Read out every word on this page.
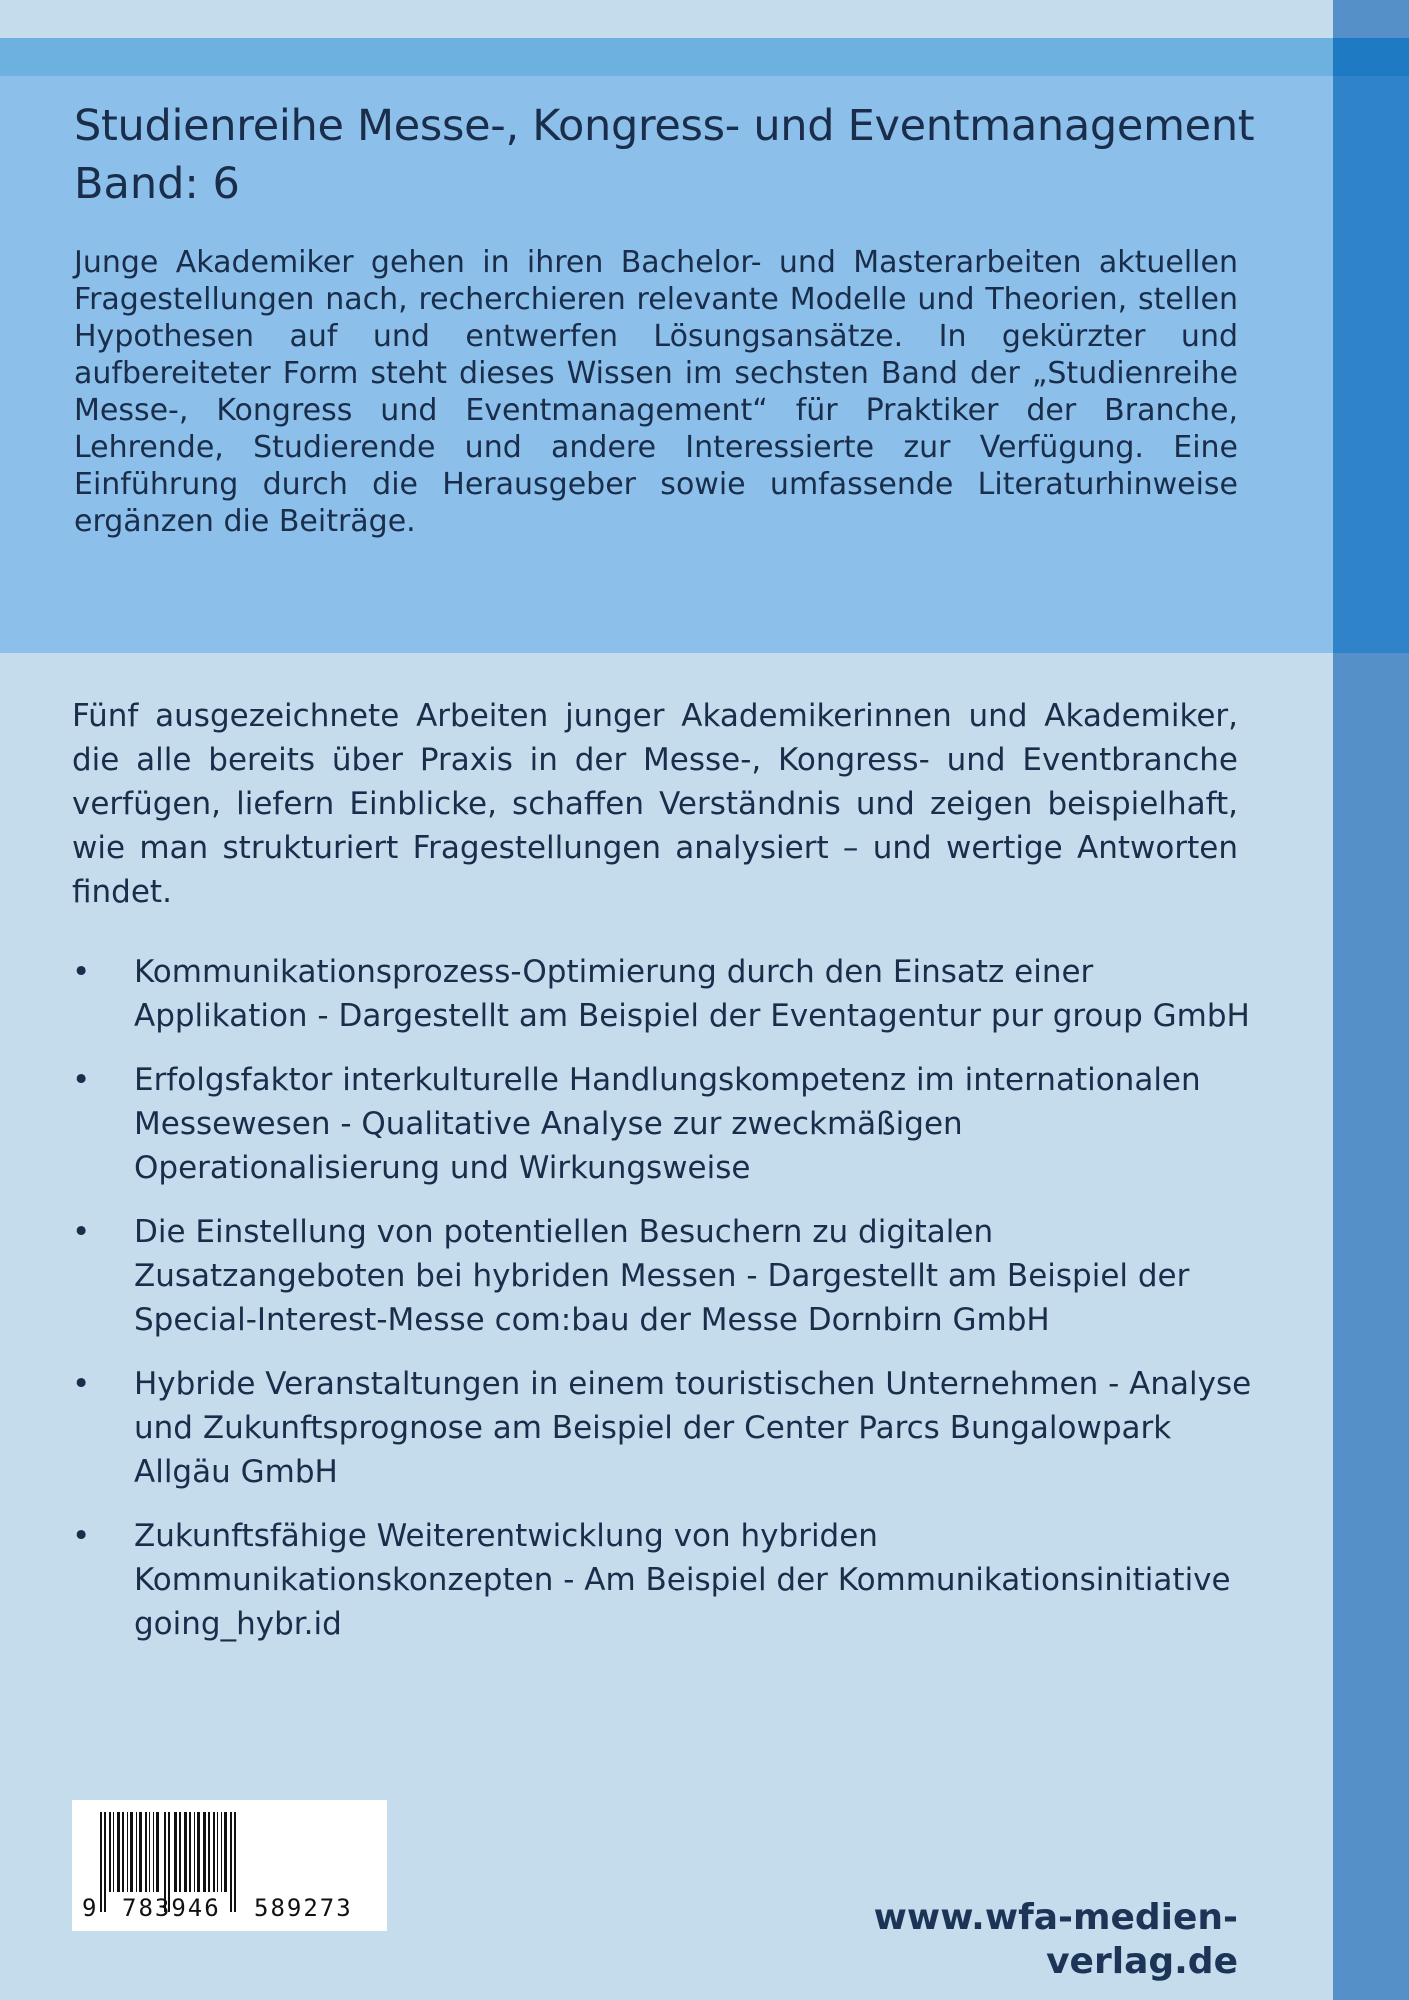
Studienreihe Messe-, Kongress- und Eventmanagement
Band: 6

Junge Akademiker gehen in ihren Bachelor- und Masterarbeiten aktuellen Fragestellungen nach, recherchieren relevante Modelle und Theorien, stellen Hypothesen auf und entwerfen Lösungsansätze. In gekürzter und aufbereiteter Form steht dieses Wissen im sechsten Band der „Studienreihe Messe-, Kongress und Eventmanagement“ für Praktiker der Branche, Lehrende, Studierende und andere Interessierte zur Verfügung. Eine Einführung durch die Herausgeber sowie umfassende Literaturhinweise ergänzen die Beiträge.

Fünf ausgezeichnete Arbeiten junger Akademikerinnen und Akademiker, die alle bereits über Praxis in der Messe-, Kongress- und Eventbranche verfügen, liefern Einblicke, schaffen Verständnis und zeigen beispielhaft, wie man strukturiert Fragestellungen analysiert – und wertige Antworten findet.

• Kommunikationsprozess-Optimierung durch den Einsatz einer Applikation - Dargestellt am Beispiel der Eventagentur pur group GmbH
• Erfolgsfaktor interkulturelle Handlungskompetenz im internationalen Messewesen - Qualitative Analyse zur zweckmäßigen Operationalisierung und Wirkungsweise
• Die Einstellung von potentiellen Besuchern zu digitalen Zusatzangeboten bei hybriden Messen - Dargestellt am Beispiel der Special-Interest-Messe com:bau der Messe Dornbirn GmbH
• Hybride Veranstaltungen in einem touristischen Unternehmen - Analyse und Zukunftsprognose am Beispiel der Center Parcs Bungalowpark Allgäu GmbH
• Zukunftsfähige Weiterentwicklung von hybriden Kommunikationskonzepten - Am Beispiel der Kommunikationsinitiative going_hybr.id
9 783946 589273	www.wfa-medien-verlag.de
